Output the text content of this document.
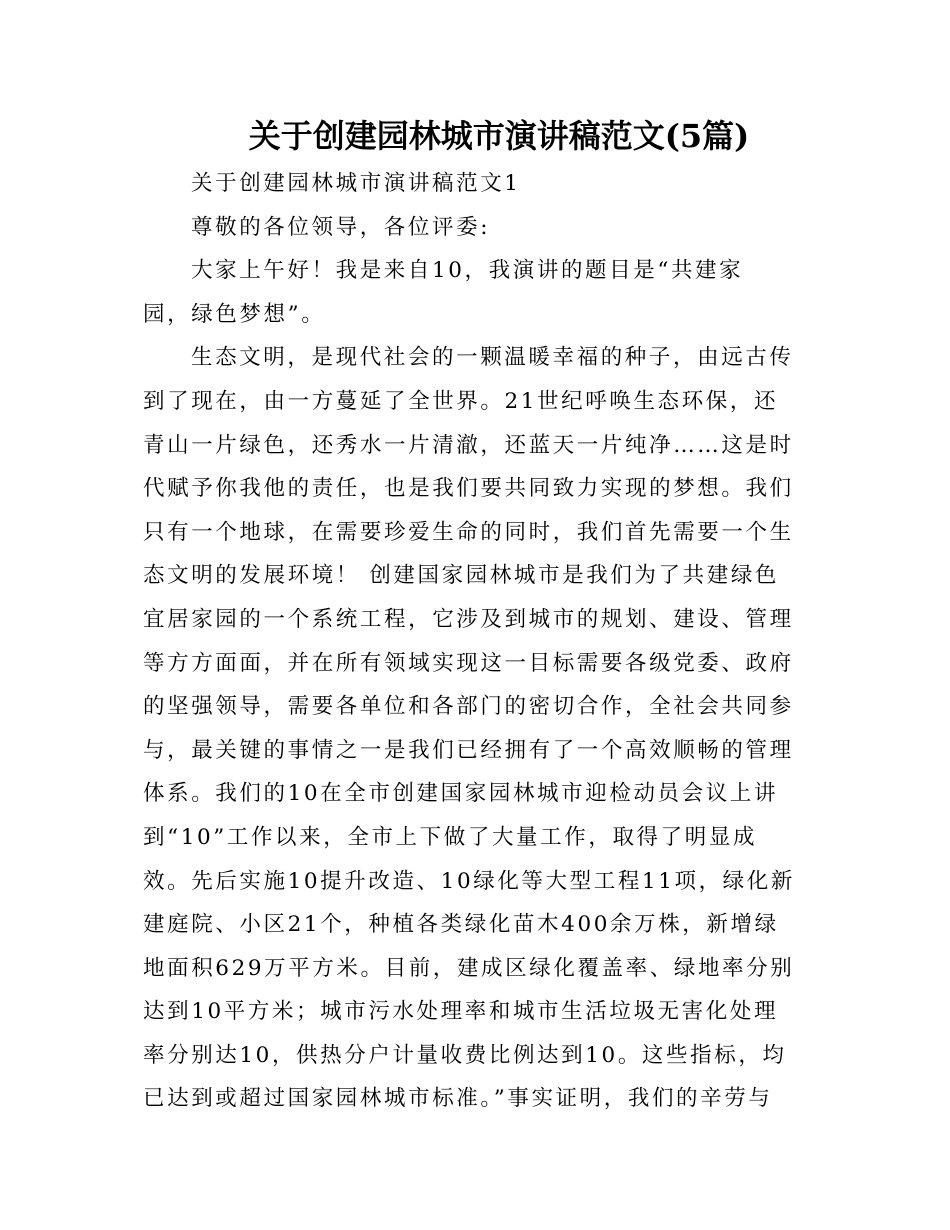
关于创建园林城市演讲稿范文(5篇)
关于创建园林城市演讲稿范文1
尊敬的各位领导，各位评委:
大家上午好！我是来自10，我演讲的题目是“共建家
园，绿色梦想”。
生态文明，是现代社会的一颗温暖幸福的种子，由远古传
到了现在，由一方蔓延了全世界。21世纪呼唤生态环保，还
青山一片绿色，还秀水一片清澈，还蓝天一片纯净……这是时
代赋予你我他的责任，也是我们要共同致力实现的梦想。我们
只有一个地球，在需要珍爱生命的同时，我们首先需要一个生
态文明的发展环境！ 创建国家园林城市是我们为了共建绿色
宜居家园的一个系统工程，它涉及到城市的规划、建设、管理
等方方面面，并在所有领域实现这一目标需要各级党委、政府
的坚强领导，需要各单位和各部门的密切合作，全社会共同参
与，最关键的事情之一是我们已经拥有了一个高效顺畅的管理
体系。我们的10在全市创建国家园林城市迎检动员会议上讲
到“10”工作以来，全市上下做了大量工作，取得了明显成
效。先后实施10提升改造、10绿化等大型工程11项，绿化新
建庭院、小区21个，种植各类绿化苗木400余万株，新增绿
地面积629万平方米。目前，建成区绿化覆盖率、绿地率分别
达到10平方米；城市污水处理率和城市生活垃圾无害化处理
率分别达10，供热分户计量收费比例达到10。这些指标，均
已达到或超过国家园林城市标准。”事实证明，我们的辛劳与
